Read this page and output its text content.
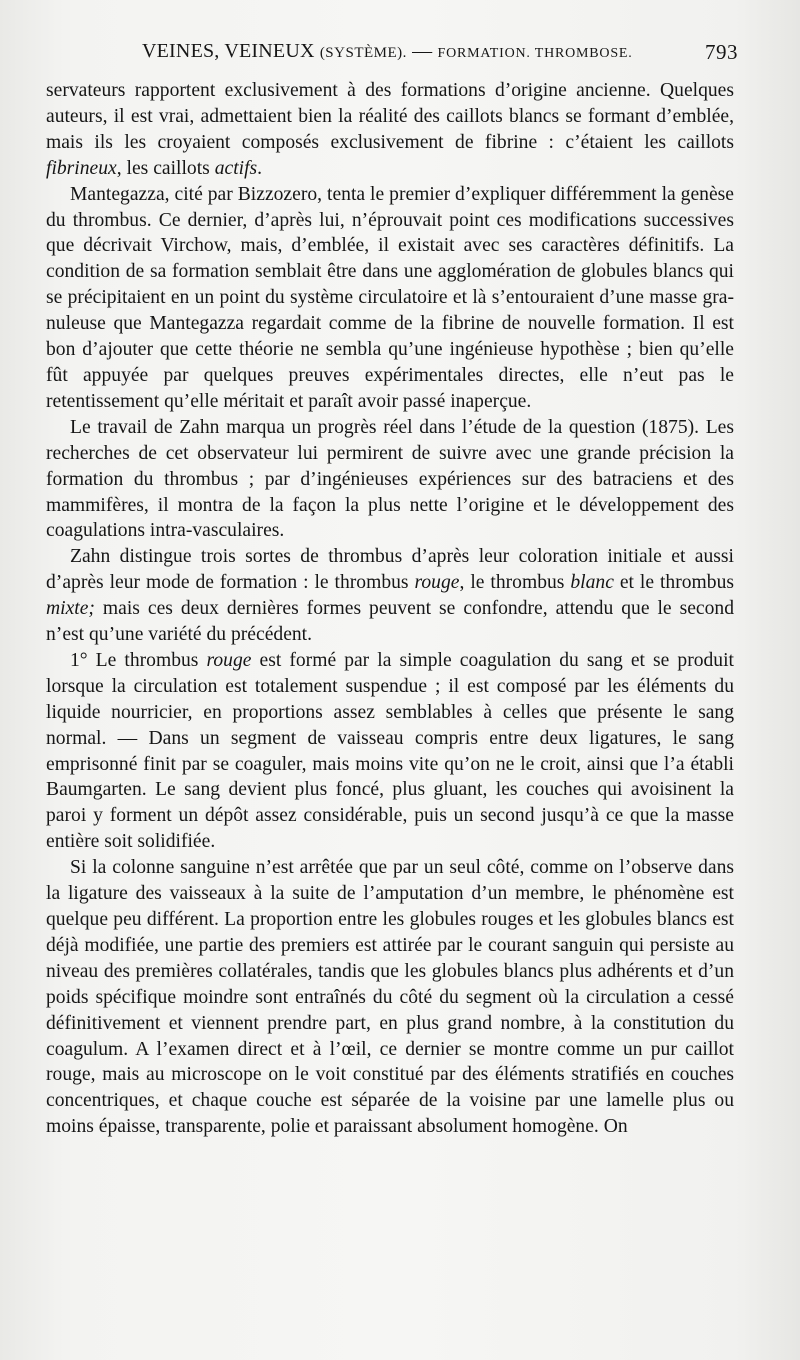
VEINES, VEINEUX (SYSTÈME). — FORMATION. THROMBOSE.	793

servateurs rapportent exclusivement à des formations d’origine ancienne. Quelques auteurs, il est vrai, admettaient bien la réalité des caillots blancs se formant d’emblée, mais ils les croyaient composés exclusivement de fibrine : c’étaient les caillots fibrineux, les caillots actifs.

Mantegazza, cité par Bizzozero, tenta le premier d’expliquer différemment la genèse du thrombus. Ce dernier, d’après lui, n’éprouvait point ces modifications successives que décrivait Virchow, mais, d’emblée, il existait avec ses caractères définitifs. La condition de sa formation semblait être dans une agglomération de globules blancs qui se précipitaient en un point du système circulatoire et là s’entouraient d’une masse granuleuse que Mantegazza regardait comme de la fibrine de nouvelle formation. Il est bon d’ajouter que cette théorie ne sembla qu’une ingénieuse hypothèse ; bien qu’elle fût appuyée par quelques preuves expérimentales directes, elle n’eut pas le retentissement qu’elle méritait et paraît avoir passé inaperçue.

Le travail de Zahn marqua un progrès réel dans l’étude de la question (1875). Les recherches de cet observateur lui permirent de suivre avec une grande précision la formation du thrombus ; par d’ingénieuses expériences sur des batraciens et des mammifères, il montra de la façon la plus nette l’origine et le développement des coagulations intra-vasculaires.

Zahn distingue trois sortes de thrombus d’après leur coloration initiale et aussi d’après leur mode de formation : le thrombus rouge, le thrombus blanc et le thrombus mixte; mais ces deux dernières formes peuvent se confondre, attendu que le second n’est qu’une variété du précédent.

1° Le thrombus rouge est formé par la simple coagulation du sang et se produit lorsque la circulation est totalement suspendue ; il est composé par les éléments du liquide nourricier, en proportions assez semblables à celles que présente le sang normal. — Dans un segment de vaisseau compris entre deux ligatures, le sang emprisonné finit par se coaguler, mais moins vite qu’on ne le croit, ainsi que l’a établi Baumgarten. Le sang devient plus foncé, plus gluant, les couches qui avoisinent la paroi y forment un dépôt assez considérable, puis un second jusqu’à ce que la masse entière soit solidifiée.

Si la colonne sanguine n’est arrêtée que par un seul côté, comme on l’observe dans la ligature des vaisseaux à la suite de l’amputation d’un membre, le phénomène est quelque peu différent. La proportion entre les globules rouges et les globules blancs est déjà modifiée, une partie des premiers est attirée par le courant sanguin qui persiste au niveau des premières collatérales, tandis que les globules blancs plus adhérents et d’un poids spécifique moindre sont entraînés du côté du segment où la circulation a cessé définitivement et viennent prendre part, en plus grand nombre, à la constitution du coagulum. A l’examen direct et à l’œil, ce dernier se montre comme un pur caillot rouge, mais au microscope on le voit constitué par des éléments stratifiés en couches concentriques, et chaque couche est séparée de la voisine par une lamelle plus ou moins épaisse, transparente, polie et paraissant absolument homogène. On
